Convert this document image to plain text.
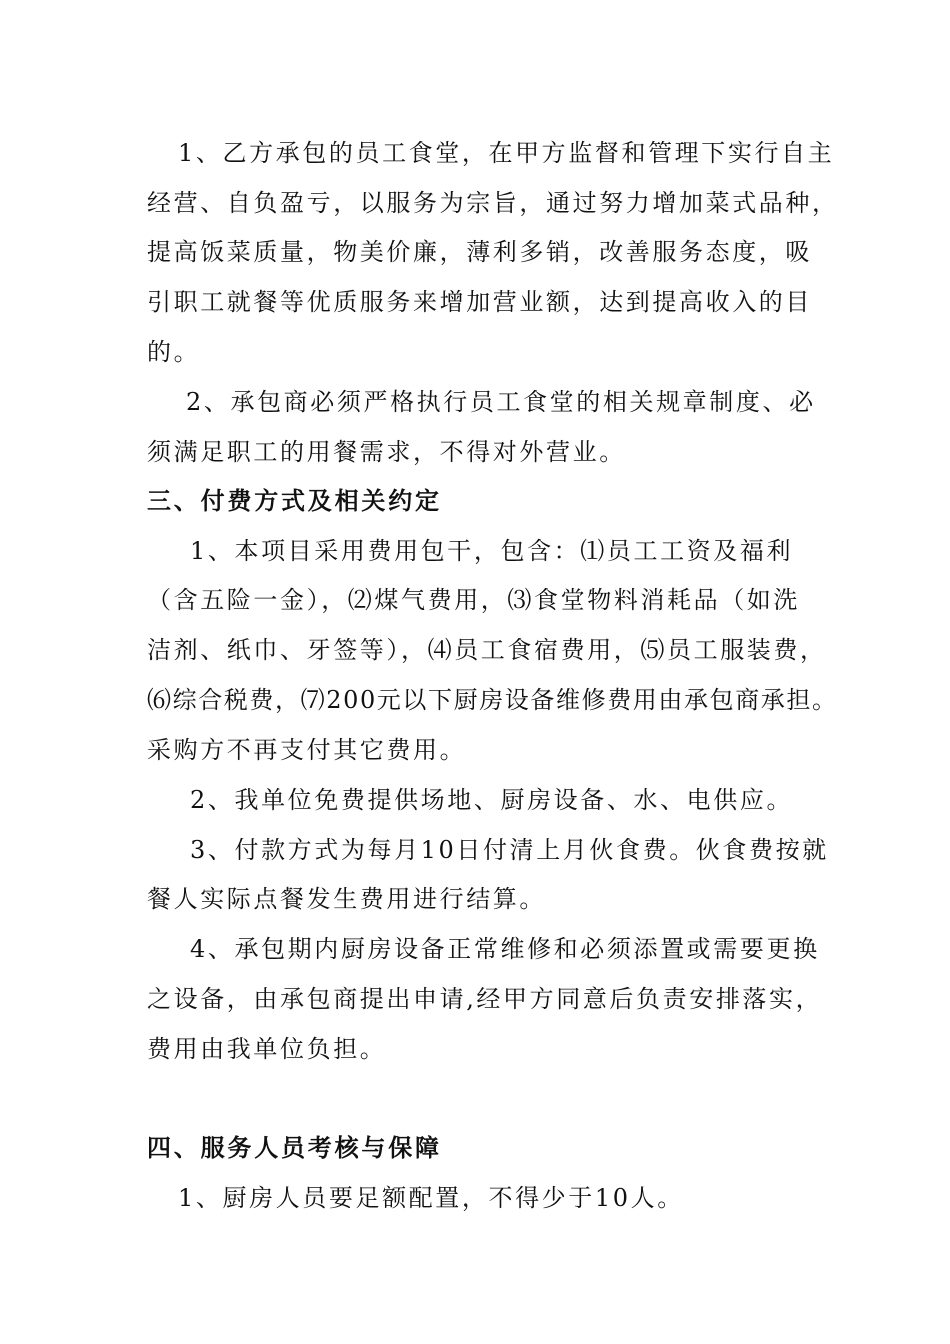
1、乙方承包的员工食堂，在甲方监督和管理下实行自主
经营、自负盈亏，以服务为宗旨，通过努力增加菜式品种，
提高饭菜质量，物美价廉，薄利多销，改善服务态度，吸
引职工就餐等优质服务来增加营业额，达到提高收入的目
的。
2、承包商必须严格执行员工食堂的相关规章制度、必
须满足职工的用餐需求，不得对外营业。
三、付费方式及相关约定
1、本项目采用费用包干，包含：⑴员工工资及福利
（含五险一金），⑵煤气费用，⑶食堂物料消耗品（如洗
洁剂、纸巾、牙签等），⑷员工食宿费用，⑸员工服装费，
⑹综合税费，⑺200元以下厨房设备维修费用由承包商承担。
采购方不再支付其它费用。
2、我单位免费提供场地、厨房设备、水、电供应。
3、付款方式为每月10日付清上月伙食费。伙食费按就
餐人实际点餐发生费用进行结算。
4、承包期内厨房设备正常维修和必须添置或需要更换
之设备，由承包商提出申请,经甲方同意后负责安排落实，
费用由我单位负担。
四、服务人员考核与保障
1、厨房人员要足额配置，不得少于10人。
